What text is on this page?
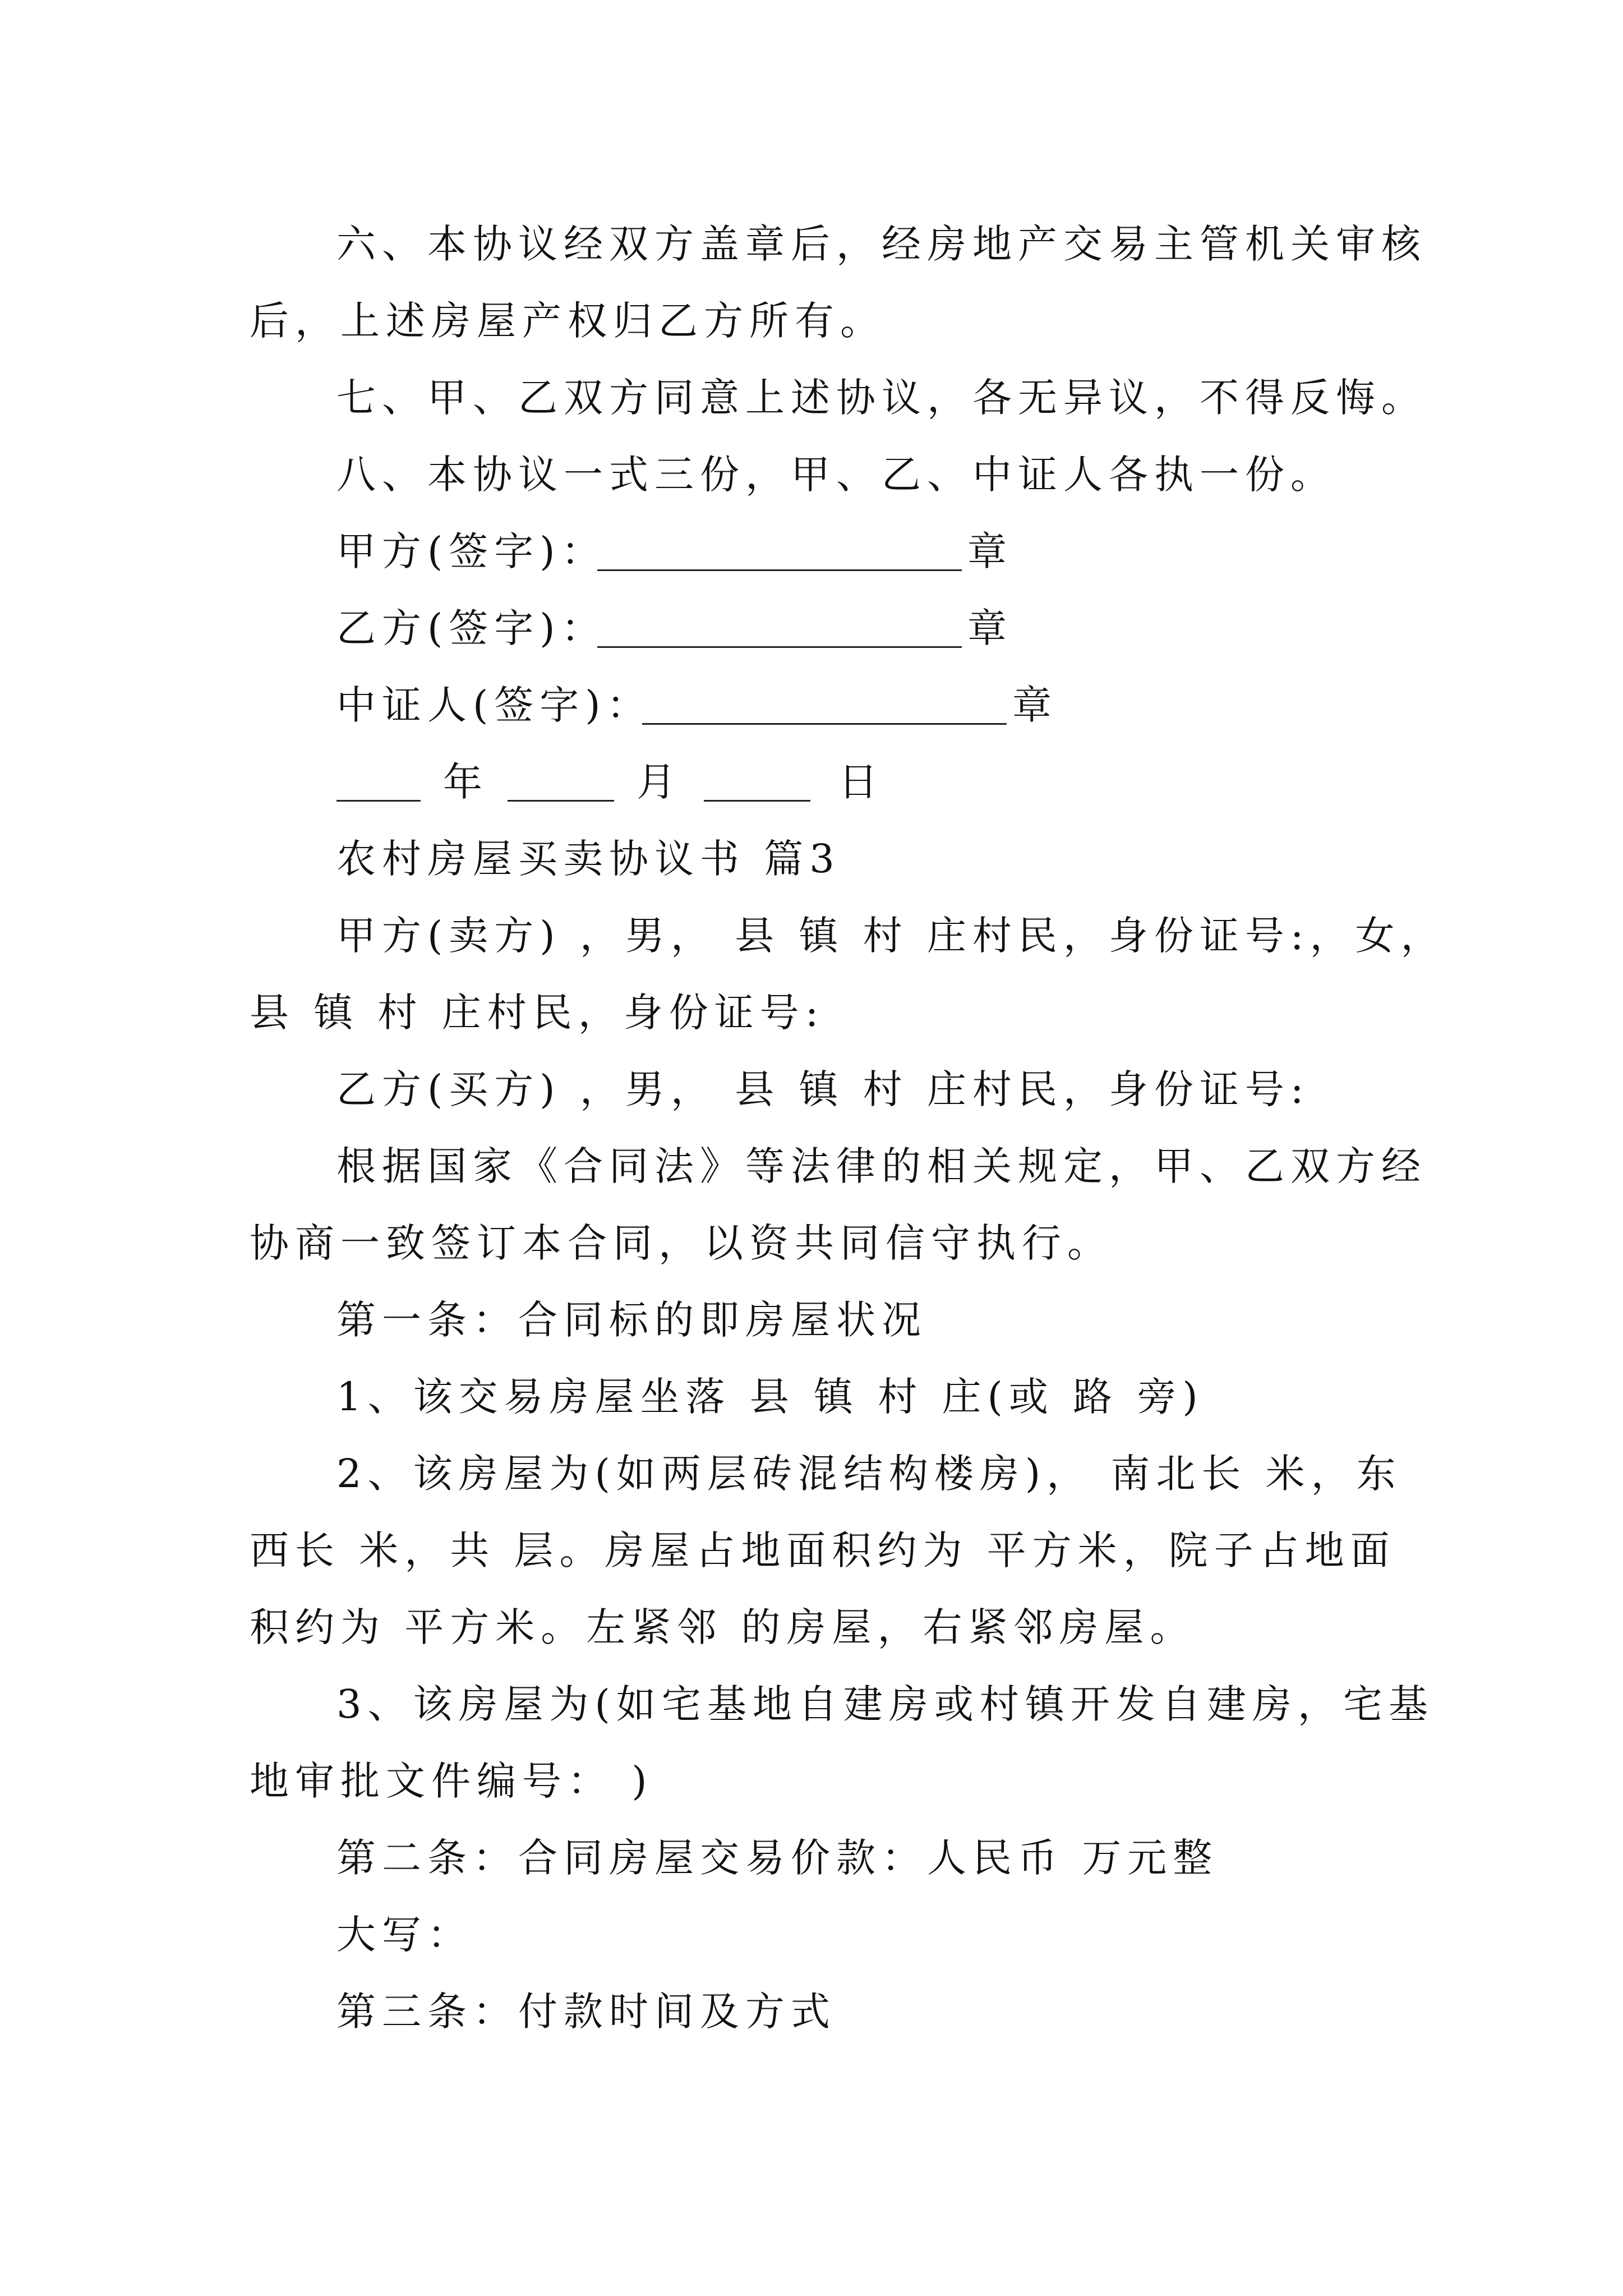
六、本协议经双方盖章后，经房地产交易主管机关审核
后，上述房屋产权归乙方所有。
七、甲、乙双方同意上述协议，各无异议，不得反悔。
八、本协议一式三份，甲、乙、中证人各执一份。
甲方(签字)：	章
乙方(签字)：	章
中证人(签字)：	章
年	月	日
农村房屋买卖协议书 篇3
甲方(卖方) ，男， 县 镇 村 庄村民，身份证号:，女，
县 镇 村 庄村民，身份证号:
乙方(买方) ，男， 县 镇 村 庄村民，身份证号:
根据国家《合同法》等法律的相关规定，甲、乙双方经
协商一致签订本合同，以资共同信守执行。
第一条：合同标的即房屋状况
1、该交易房屋坐落 县 镇 村 庄(或 路 旁)
2、该房屋为(如两层砖混结构楼房)， 南北长 米，东
西长 米，共 层。房屋占地面积约为 平方米，院子占地面
积约为 平方米。左紧邻 的房屋，右紧邻房屋。
3、该房屋为(如宅基地自建房或村镇开发自建房，宅基
地审批文件编号： )
第二条：合同房屋交易价款：人民币 万元整
大写：
第三条：付款时间及方式
